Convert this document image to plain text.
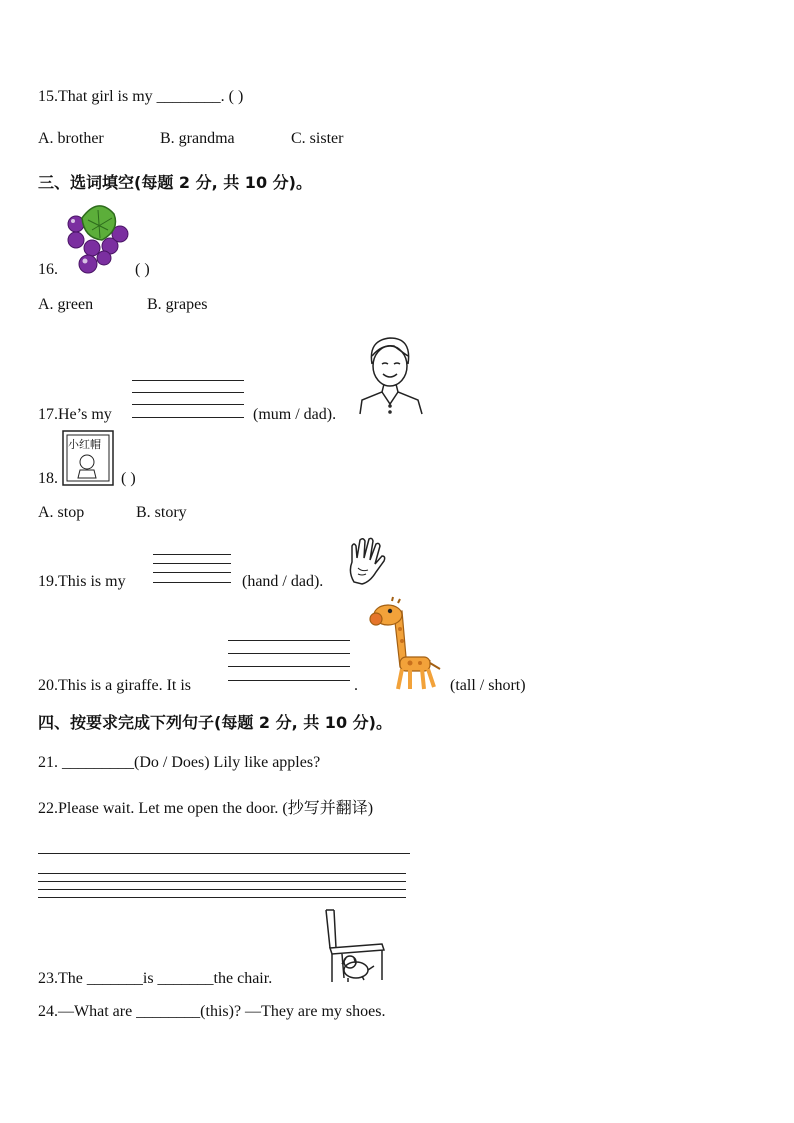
15.That girl is my ________. ( )
A. brother	B. grandma	C. sister
三、选词填空(每题 2 分, 共 10 分)。
16.	( )
A. green	B. grapes
17.He’s my	(mum / dad).
小红帽
18.	( )
A. stop	B. story
19.This is my	(hand / dad).
20.This is a giraffe. It is	.	(tall / short)
四、按要求完成下列句子(每题 2 分, 共 10 分)。
21. _________(Do / Does) Lily like apples?
22.Please wait. Let me open the door. (抄写并翻译)
23.The _______is _______the chair.
24.—What are ________(this)? —They are my shoes.
